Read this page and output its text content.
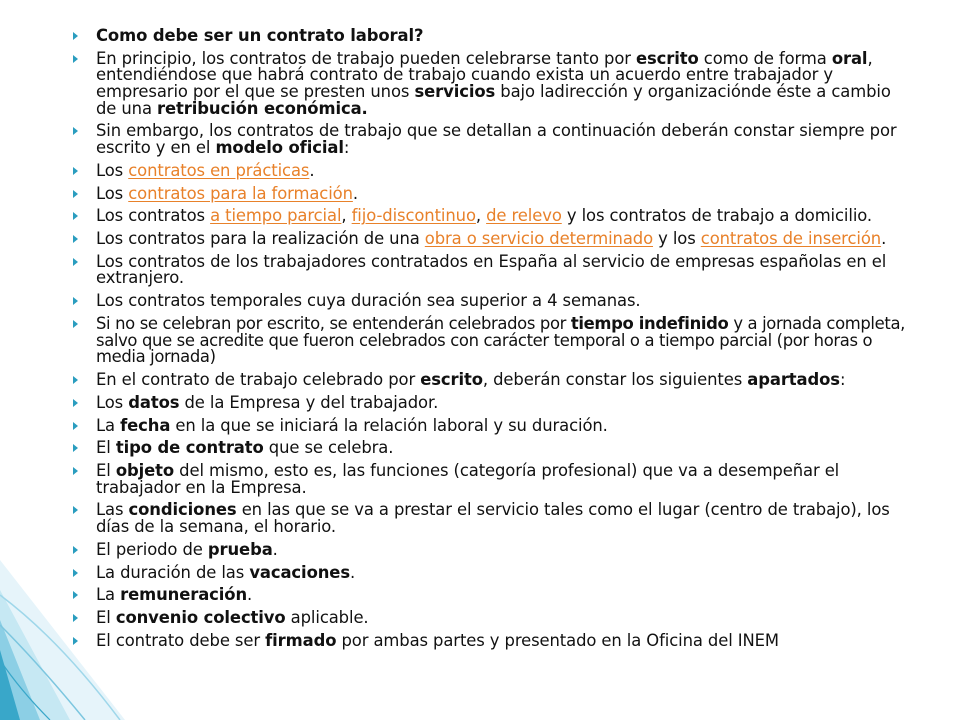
Como debe ser un contrato laboral?
En principio, los contratos de trabajo pueden celebrarse tanto por escrito como de forma oral, entendiéndose que habrá contrato de trabajo cuando exista un acuerdo entre trabajador y empresario por el que se presten unos servicios bajo ladirección y organizaciónde éste a cambio de una retribución económica.
Sin embargo, los contratos de trabajo que se detallan a continuación deberán constar siempre por escrito y en el modelo oficial:
Los contratos en prácticas.
Los contratos para la formación.
Los contratos a tiempo parcial, fijo-discontinuo, de relevo y los contratos de trabajo a domicilio.
Los contratos para la realización de una obra o servicio determinado y los contratos de inserción.
Los contratos de los trabajadores contratados en España al servicio de empresas españolas en el extranjero.
Los contratos temporales cuya duración sea superior a 4 semanas.
Si no se celebran por escrito, se entenderán celebrados por tiempo indefinido y a jornada completa, salvo que se acredite que fueron celebrados con carácter temporal o a tiempo parcial (por horas o media jornada)
En el contrato de trabajo celebrado por escrito, deberán constar los siguientes apartados:
Los datos de la Empresa y del trabajador.
La fecha en la que se iniciará la relación laboral y su duración.
El tipo de contrato que se celebra.
El objeto del mismo, esto es, las funciones (categoría profesional) que va a desempeñar el trabajador en la Empresa.
Las condiciones en las que se va a prestar el servicio tales como el lugar (centro de trabajo), los días de la semana, el horario.
El periodo de prueba.
La duración de las vacaciones.
La remuneración.
El convenio colectivo aplicable.
El contrato debe ser firmado por ambas partes y presentado en la Oficina del INEM
